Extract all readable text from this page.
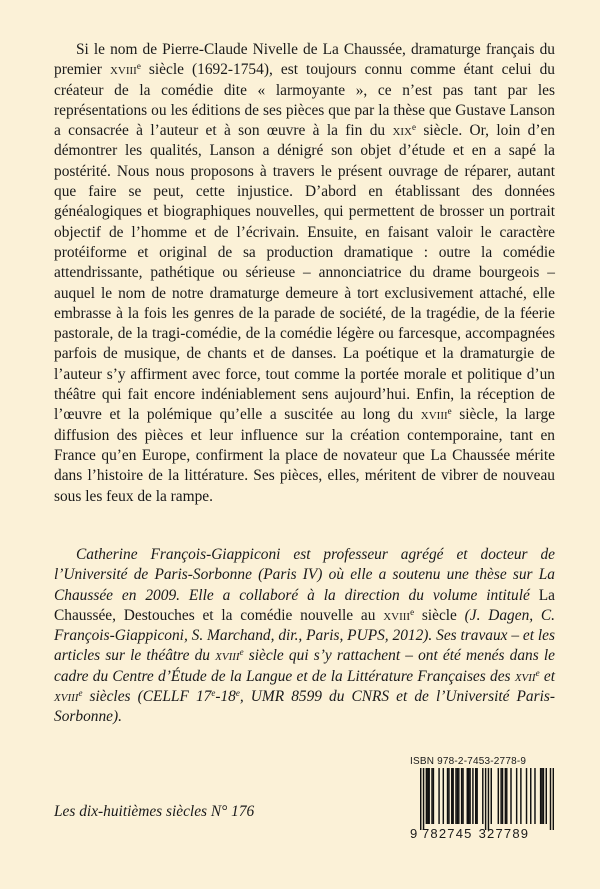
Si le nom de Pierre-Claude Nivelle de La Chaussée, dramaturge français du premier xviii$^e$ siècle (1692-1754), est toujours connu comme étant celui du créateur de la comédie dite « larmoyante », ce n’est pas tant par les représentations ou les éditions de ses pièces que par la thèse que Gustave Lanson a consacrée à l’auteur et à son œuvre à la fin du xix$^e$ siècle. Or, loin d’en démontrer les qualités, Lanson a dénigré son objet d’étude et en a sapé la postérité. Nous nous proposons à travers le présent ouvrage de réparer, autant que faire se peut, cette injustice. D’abord en établissant des données généalogiques et biographiques nouvelles, qui permettent de brosser un portrait objectif de l’homme et de l’écrivain. Ensuite, en faisant valoir le caractère protéiforme et original de sa production dramatique : outre la comédie attendrissante, pathétique ou sérieuse – annonciatrice du drame bourgeois – auquel le nom de notre dramaturge demeure à tort exclusivement attaché, elle embrasse à la fois les genres de la parade de société, de la tragédie, de la féerie pastorale, de la tragi-comédie, de la comédie légère ou farcesque, accompagnées parfois de musique, de chants et de danses. La poétique et la dramaturgie de l’auteur s’y affirment avec force, tout comme la portée morale et politique d’un théâtre qui fait encore indéniablement sens aujourd’hui. Enfin, la réception de l’œuvre et la polémique qu’elle a suscitée au long du xviii$^e$ siècle, la large diffusion des pièces et leur influence sur la création contemporaine, tant en France qu’en Europe, confirment la place de novateur que La Chaussée mérite dans l’histoire de la littérature. Ses pièces, elles, méritent de vibrer de nouveau sous les feux de la rampe.

Catherine François-Giappiconi est professeur agrégé et docteur de l’Université de Paris-Sorbonne (Paris IV) où elle a soutenu une thèse sur La Chaussée en 2009. Elle a collaboré à la direction du volume intitulé La Chaussée, Destouches et la comédie nouvelle au xviii$^e$ siècle (J. Dagen, C. François-Giappiconi, S. Marchand, dir., Paris, PUPS, 2012). Ses travaux – et les articles sur le théâtre du xviii$^e$ siècle qui s’y rattachent – ont été menés dans le cadre du Centre d’Étude de la Langue et de la Littérature Françaises des xvii$^e$ et xviii$^e$ siècles (CELLF 17e-18e, UMR 8599 du CNRS et de l’Université Paris-Sorbonne).

Les dix-huitièmes siècles N° 176
ISBN 978-2-7453-2778-9
9 782745 327789
